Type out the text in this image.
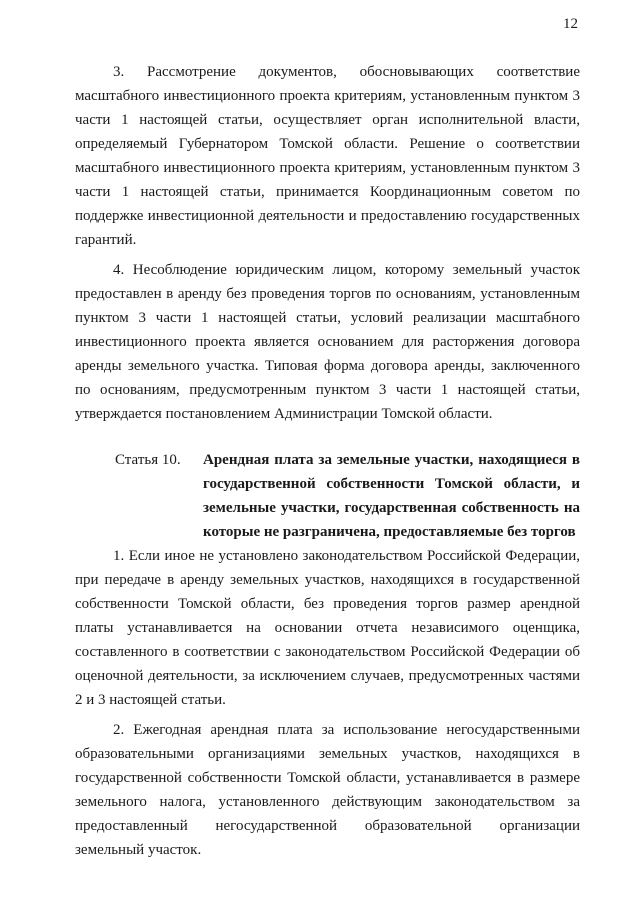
12

3. Рассмотрение документов, обосновывающих соответствие масштабного инвестиционного проекта критериям, установленным пунктом 3 части 1 настоящей статьи, осуществляет орган исполнительной власти, определяемый Губернатором Томской области. Решение о соответствии масштабного инвестиционного проекта критериям, установленным пунктом 3 части 1 настоящей статьи, принимается Координационным советом по поддержке инвестиционной деятельности и предоставлению государственных гарантий.

4. Несоблюдение юридическим лицом, которому земельный участок предоставлен в аренду без проведения торгов по основаниям, установленным пунктом 3 части 1 настоящей статьи, условий реализации масштабного инвестиционного проекта является основанием для расторжения договора аренды земельного участка. Типовая форма договора аренды, заключенного по основаниям, предусмотренным пунктом 3 части 1 настоящей статьи, утверждается постановлением Администрации Томской области.

Статья 10.	Арендная плата за земельные участки, находящиеся в государственной собственности Томской области, и земельные участки, государственная собственность на которые не разграничена, предоставляемые без торгов

1. Если иное не установлено законодательством Российской Федерации, при передаче в аренду земельных участков, находящихся в государственной собственности Томской области, без проведения торгов размер арендной платы устанавливается на основании отчета независимого оценщика, составленного в соответствии с законодательством Российской Федерации об оценочной деятельности, за исключением случаев, предусмотренных частями 2 и 3 настоящей статьи.

2. Ежегодная арендная плата за использование негосударственными образовательными организациями земельных участков, находящихся в государственной собственности Томской области, устанавливается в размере земельного налога, установленного действующим законодательством за предоставленный негосударственной образовательной организации земельный участок.
